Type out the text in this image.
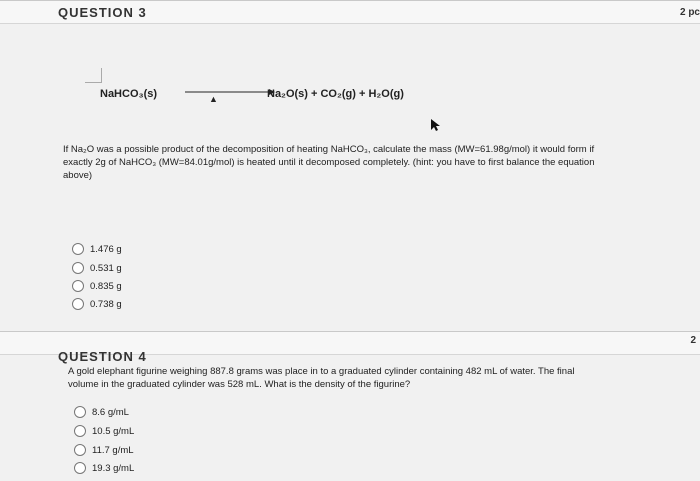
QUESTION 3	2 pc
NaHCO₃(s)	▲	Na₂O(s) + CO₂(g) + H₂O(g)
If Na₂O was a possible product of the decomposition of heating NaHCO₃, calculate the mass (MW=61.98g/mol) it would form if
exactly 2g of NaHCO₃ (MW=84.01g/mol) is heated until it decomposed completely. (hint: you have to first balance the equation
above)
1.476 g
0.531 g
0.835 g
0.738 g
QUESTION 4
2
A gold elephant figurine weighing 887.8 grams was place in to a graduated cylinder containing 482 mL of water. The final
volume in the graduated cylinder was 528 mL. What is the density of the figurine?
8.6 g/mL
10.5 g/mL
11.7 g/mL
19.3 g/mL
